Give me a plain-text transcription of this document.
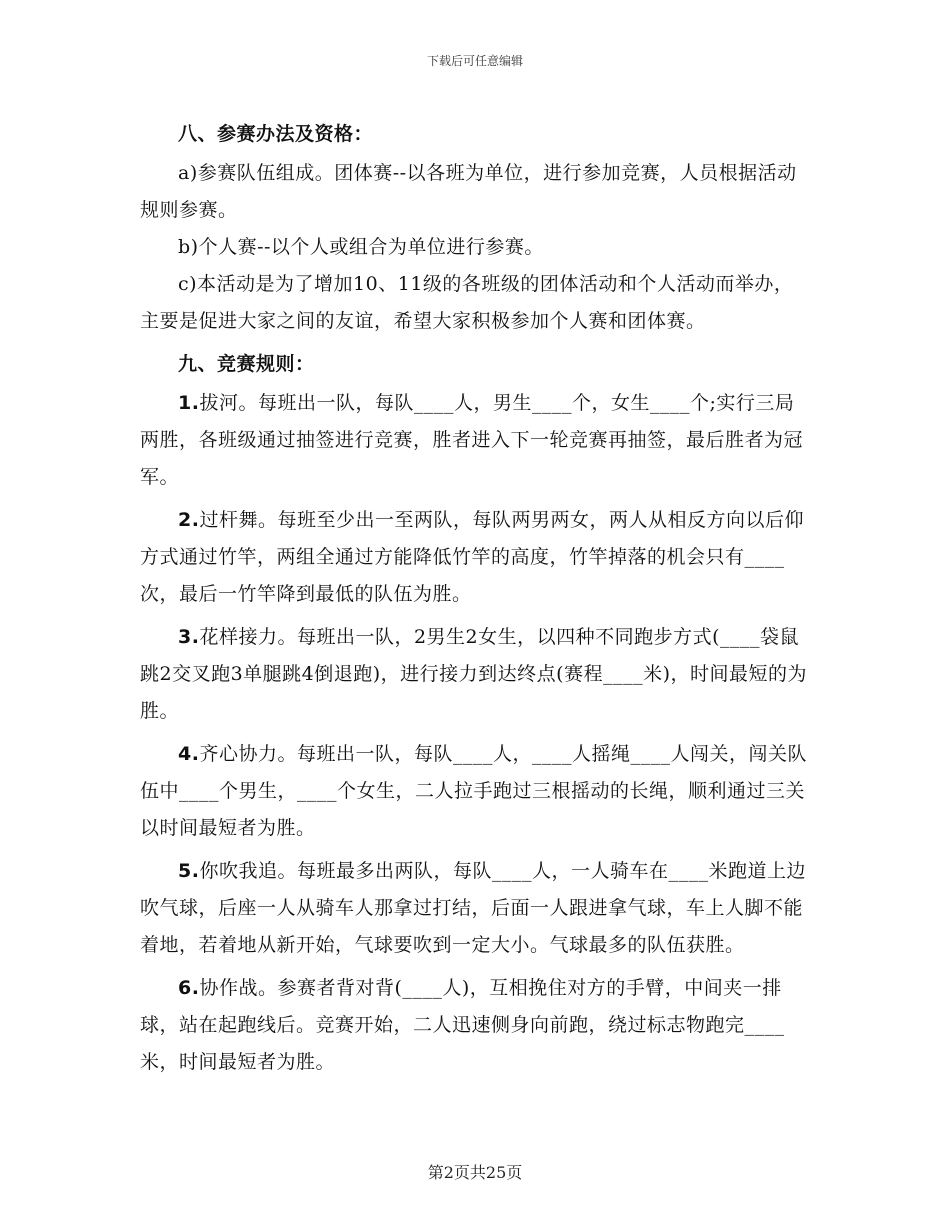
下载后可任意编辑

八、参赛办法及资格：

a)参赛队伍组成。团体赛--以各班为单位，进行参加竞赛，人员根据活动规则参赛。

b)个人赛--以个人或组合为单位进行参赛。

c)本活动是为了增加10、11级的各班级的团体活动和个人活动而举办，主要是促进大家之间的友谊，希望大家积极参加个人赛和团体赛。

九、竞赛规则：

1.拔河。每班出一队，每队____人，男生____个，女生____个;实行三局两胜，各班级通过抽签进行竞赛，胜者进入下一轮竞赛再抽签，最后胜者为冠军。

2.过杆舞。每班至少出一至两队，每队两男两女，两人从相反方向以后仰方式通过竹竿，两组全通过方能降低竹竿的高度，竹竿掉落的机会只有____次，最后一竹竿降到最低的队伍为胜。

3.花样接力。每班出一队，2男生2女生，以四种不同跑步方式(____袋鼠跳2交叉跑3单腿跳4倒退跑)，进行接力到达终点(赛程____米)，时间最短的为胜。

4.齐心协力。每班出一队，每队____人，____人摇绳____人闯关，闯关队伍中____个男生，____个女生，二人拉手跑过三根摇动的长绳，顺利通过三关以时间最短者为胜。

5.你吹我追。每班最多出两队，每队____人，一人骑车在____米跑道上边吹气球，后座一人从骑车人那拿过打结，后面一人跟进拿气球，车上人脚不能着地，若着地从新开始，气球要吹到一定大小。气球最多的队伍获胜。

6.协作战。参赛者背对背(____人)，互相挽住对方的手臂，中间夹一排球，站在起跑线后。竞赛开始，二人迅速侧身向前跑，绕过标志物跑完____米，时间最短者为胜。

第2页共25页
